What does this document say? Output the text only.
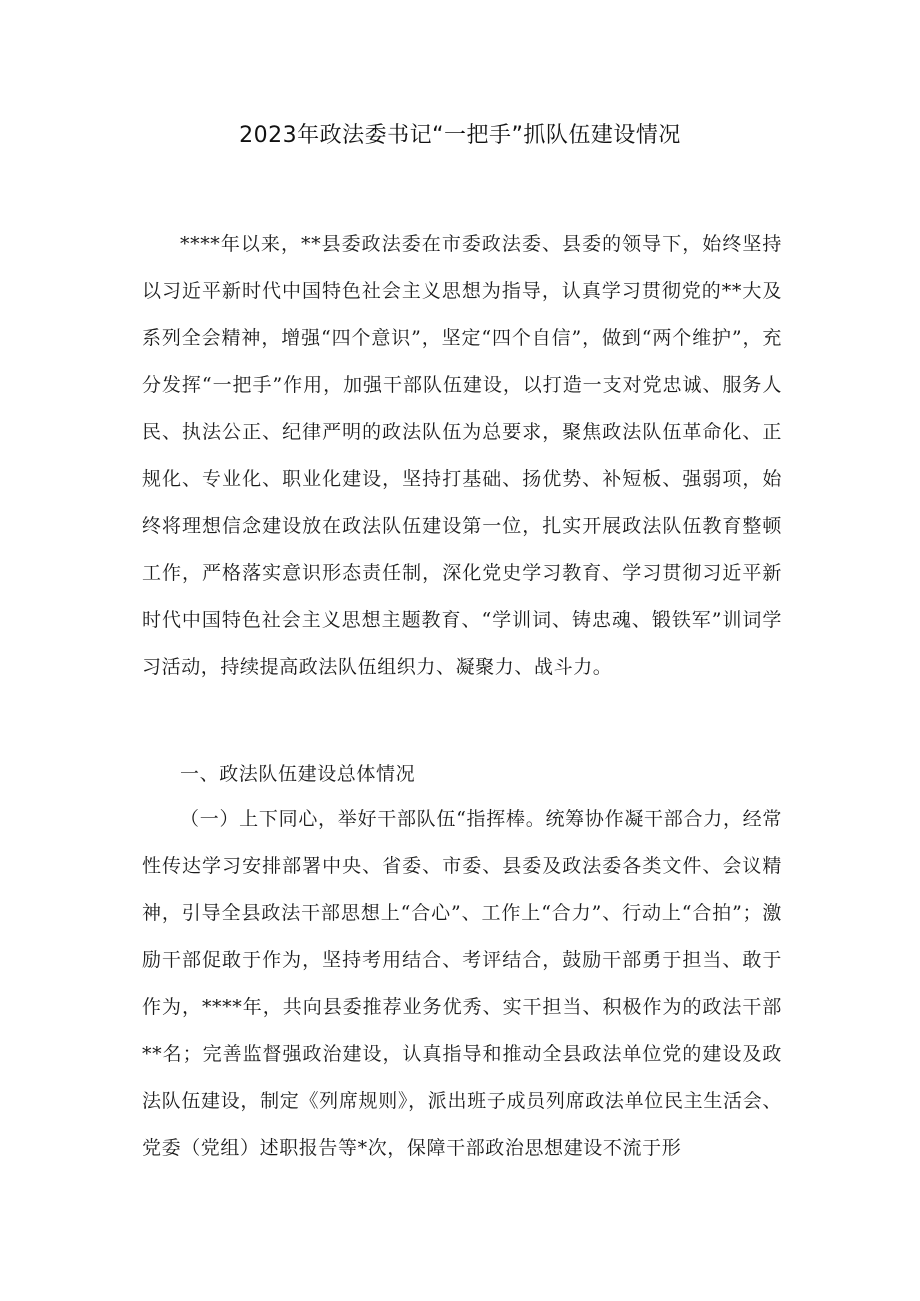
2023年政法委书记“一把手”抓队伍建设情况

****年以来，**县委政法委在市委政法委、县委的领导下，始终坚持以习近平新时代中国特色社会主义思想为指导，认真学习贯彻党的**大及系列全会精神，增强“四个意识”，坚定“四个自信”，做到“两个维护”，充分发挥“一把手”作用，加强干部队伍建设，以打造一支对党忠诚、服务人民、执法公正、纪律严明的政法队伍为总要求，聚焦政法队伍革命化、正规化、专业化、职业化建设，坚持打基础、扬优势、补短板、强弱项，始终将理想信念建设放在政法队伍建设第一位，扎实开展政法队伍教育整顿工作，严格落实意识形态责任制，深化党史学习教育、学习贯彻习近平新时代中国特色社会主义思想主题教育、“学训词、铸忠魂、锻铁军”训词学习活动，持续提高政法队伍组织力、凝聚力、战斗力。

一、政法队伍建设总体情况

（一）上下同心，举好干部队伍“指挥棒。统筹协作凝干部合力，经常性传达学习安排部署中央、省委、市委、县委及政法委各类文件、会议精神，引导全县政法干部思想上“合心”、工作上“合力”、行动上“合拍”；激励干部促敢于作为，坚持考用结合、考评结合，鼓励干部勇于担当、敢于作为，****年，共向县委推荐业务优秀、实干担当、积极作为的政法干部**名；完善监督强政治建设，认真指导和推动全县政法单位党的建设及政法队伍建设，制定《列席规则》，派出班子成员列席政法单位民主生活会、党委（党组）述职报告等*次，保障干部政治思想建设不流于形
